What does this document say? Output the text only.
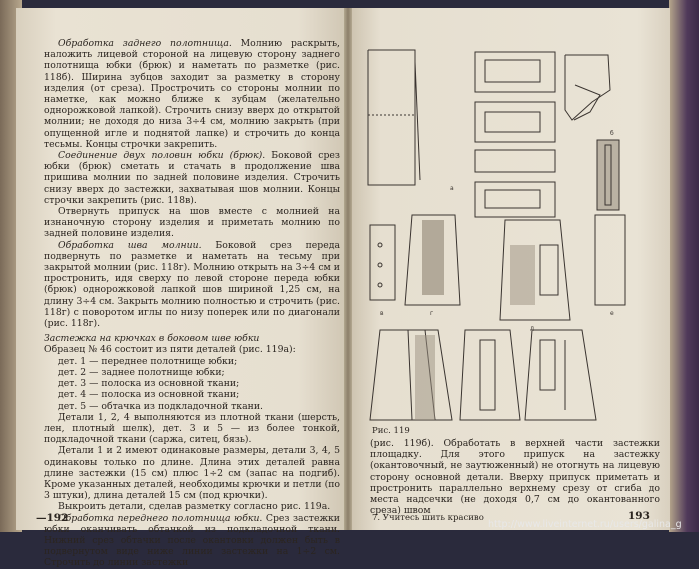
Обработка заднего полотнища. Молнию раскрыть, наложить лицевой стороной на лицевую сторону заднего полотнища юбки (брюк) и наметать по разметке (рис. 118б). Ширина зубцов заходит за разметку в сторону изделия (от среза). Прострочить со стороны молнии по наметке, как можно ближе к зубцам (желательно однорожковой лапкой). Строчить снизу вверх до открытой молнии; не доходя до низа 3÷4 см, молнию закрыть (при опущенной игле и поднятой лапке) и строчить до конца тесьмы. Концы строчки закрепить.

Соединение двух половин юбки (брюк). Боковой срез юбки (брюк) сметать и стачать в продолжение шва пришива молнии по задней половине изделия. Строчить снизу вверх до застежки, захватывая шов молнии. Концы строчки закрепить (рис. 118в).

Отвернуть припуск на шов вместе с молнией на изнаночную сторону изделия и приметать молнию по задней половине изделия.

Обработка шва молнии. Боковой срез переда подвернуть по разметке и наметать на тесьму при закрытой молнии (рис. 118г). Молнию открыть на 3÷4 см и простронить, идя сверху по левой стороне переда юбки (брюк) однорожковой лапкой шов шириной 1,25 см, на длину 3÷4 см. Закрыть молнию полностью и строчить (рис. 118г) с поворотом иглы по низу поперек или по диагонали (рис. 118г).

Застежка на крючках в боковом шве юбки

Образец № 46 состоит из пяти деталей (рис. 119а):

дет. 1 — переднее полотнище юбки;

дет. 2 — заднее полотнище юбки;

дет. 3 — полоска из основной ткани;

дет. 4 — полоска из основной ткани;

дет. 5 — обтачка из подкладочной ткани.

Детали 1, 2, 4 выполняются из плотной ткани (шерсть, лен, плотный шелк), дет. 3 и 5 — из более тонкой, подкладочной ткани (саржа, ситец, бязь).

Детали 1 и 2 имеют одинаковые размеры, детали 3, 4, 5 одинаковы только по длине. Длина этих деталей равна длине застежки (15 см) плюс 1÷2 см (запас на подгиб). Кроме указанных деталей, необходимы крючки и петли (по 3 штуки), длина деталей 15 см (под крючки).

Выкроить детали, сделав разметку согласно рис. 119а.

Обработка переднего полотнища юбки. Срез застежки юбки оканчивать обтачкой из подкладочной ткани. Нижний срез обтачки после окантовки должен быть в подвернутом виде ниже линии застежки на 1÷2 см. Строчить до линии застежки

—192
а
б
в	г
д
е
Рис. 119

(рис. 119б). Обработать в верхней части застежки площадку. Для этого припуск на застежку (окантовочный, не заутюженный) не отогнуть на лицевую сторону основной детали. Вверху припуск приметать и простронить параллельно верхнему срезу от сгиба до места надсечки (не доходя 0,7 см до окантованного среза) швом

7. Учитесь шить красиво	193
http://www.liveinternet.ru/users/galina_g
